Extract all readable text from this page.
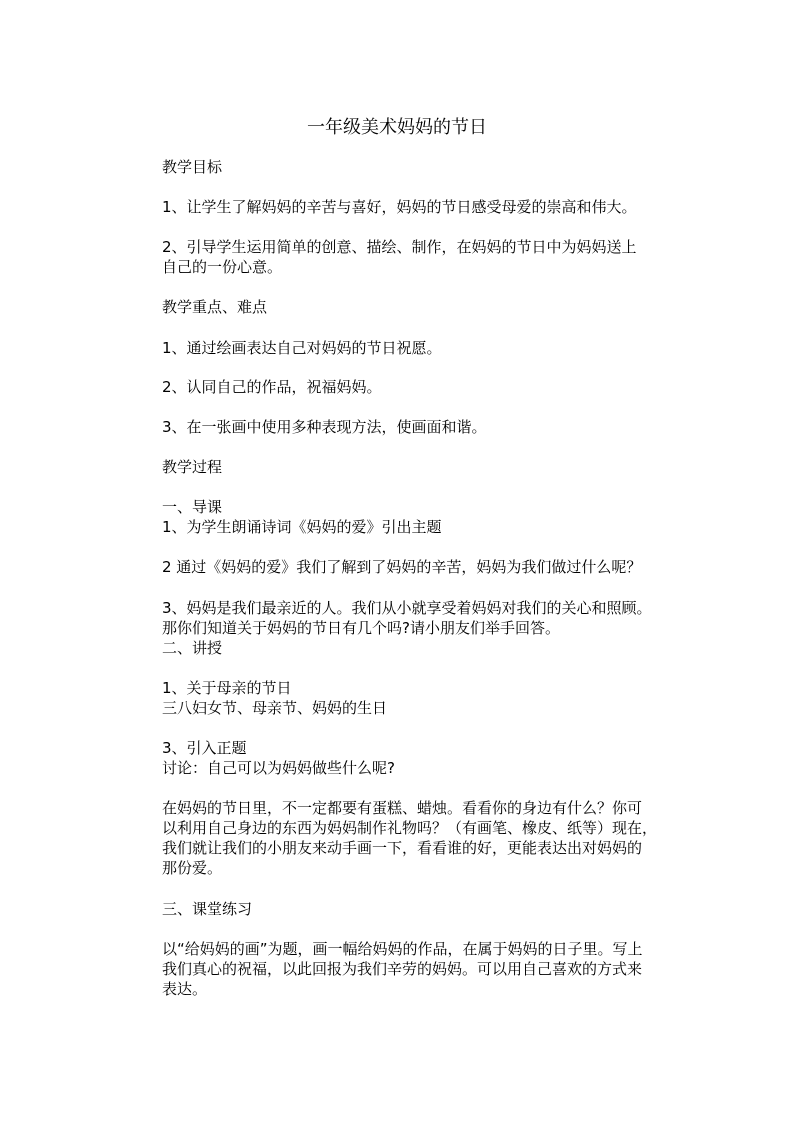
一年级美术妈妈的节日

教学目标

1、让学生了解妈妈的辛苦与喜好，妈妈的节日感受母爱的崇高和伟大。

2、引导学生运用简单的创意、描绘、制作，在妈妈的节日中为妈妈送上

自己的一份心意。

教学重点、难点

1、通过绘画表达自己对妈妈的节日祝愿。

2、认同自己的作品，祝福妈妈。

3、在一张画中使用多种表现方法，使画面和谐。

教学过程

一、导课

1、为学生朗诵诗词《妈妈的爱》引出主题

2 通过《妈妈的爱》我们了解到了妈妈的辛苦，妈妈为我们做过什么呢？

3、妈妈是我们最亲近的人。我们从小就享受着妈妈对我们的关心和照顾。

那你们知道关于妈妈的节日有几个吗?请小朋友们举手回答。

二、讲授

1、关于母亲的节日

三八妇女节、母亲节、妈妈的生日

3、引入正题

讨论：自己可以为妈妈做些什么呢?

在妈妈的节日里，不一定都要有蛋糕、蜡烛。看看你的身边有什么？你可

以利用自己身边的东西为妈妈制作礼物吗？（有画笔、橡皮、纸等）现在，

我们就让我们的小朋友来动手画一下，看看谁的好，更能表达出对妈妈的

那份爱。

三、课堂练习

以“给妈妈的画”为题，画一幅给妈妈的作品，在属于妈妈的日子里。写上

我们真心的祝福，以此回报为我们辛劳的妈妈。可以用自己喜欢的方式来

表达。
